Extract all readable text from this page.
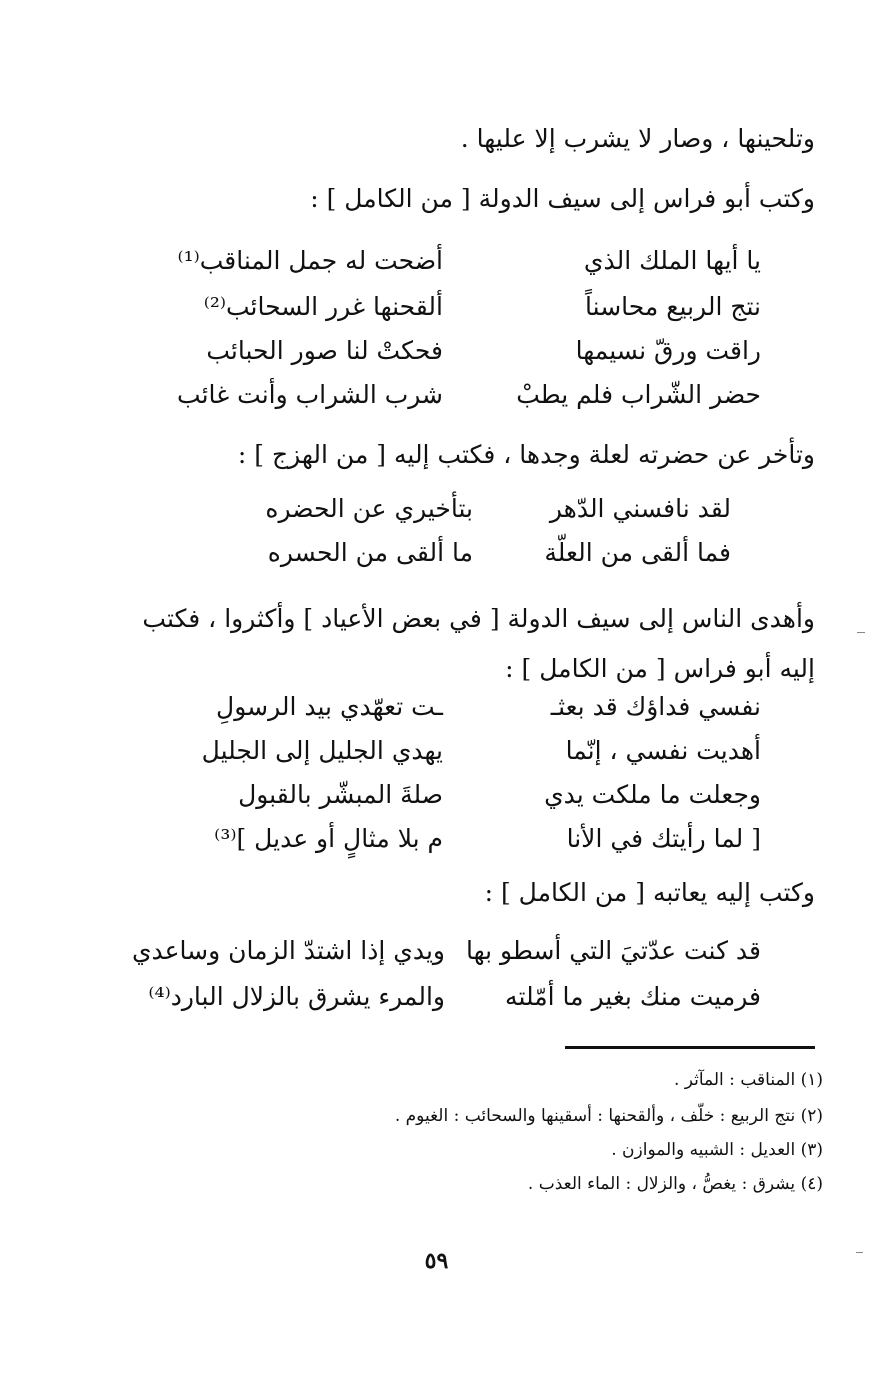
وتلحينها ، وصار لا يشرب إلا عليها .
وكتب أبو فراس إلى سيف الدولة [ من الكامل ] :
يا أيها الملك الذي
أضحت له جمل المناقب⁽¹⁾
نتج الربيع محاسناً
ألقحنها غرر السحائب⁽²⁾
راقت ورقّ نسيمها
فحكتْ لنا صور الحبائب
حضر الشّراب فلم يطبْ
شرب الشراب وأنت غائب
وتأخر عن حضرته لعلة وجدها ، فكتب إليه [ من الهزج ] :
لقد نافسني الدّهر
بتأخيري عن الحضره
فما ألقى من العلّة
ما ألقى من الحسره
وأهدى الناس إلى سيف الدولة [ في بعض الأعياد ] وأكثروا ، فكتب إليه أبو فراس [ من الكامل ] :
نفسي فداؤك قد بعثـ
ـت تعهّدي بيد الرسولِ
أهديت نفسي ، إنّما
يهدي الجليل إلى الجليل
وجعلت ما ملكت يدي
صلةَ المبشّر بالقبول
[ لما رأيتك في الأنا
م بلا مثالٍ أو عديل ]⁽³⁾
وكتب إليه يعاتبه [ من الكامل ] :
قد كنت عدّتيَ التي أسطو بها
ويدي إذا اشتدّ الزمان وساعدي
فرميت منك بغير ما أمّلته
والمرء يشرق بالزلال البارد⁽⁴⁾
(١) المناقب : المآثر .
(٢) نتج الربيع : خلّف ، وألقحنها : أسقينها والسحائب : الغيوم .
(٣) العديل : الشبيه والموازن .
(٤) يشرق : يغصُّ ، والزلال : الماء العذب .
٥٩
